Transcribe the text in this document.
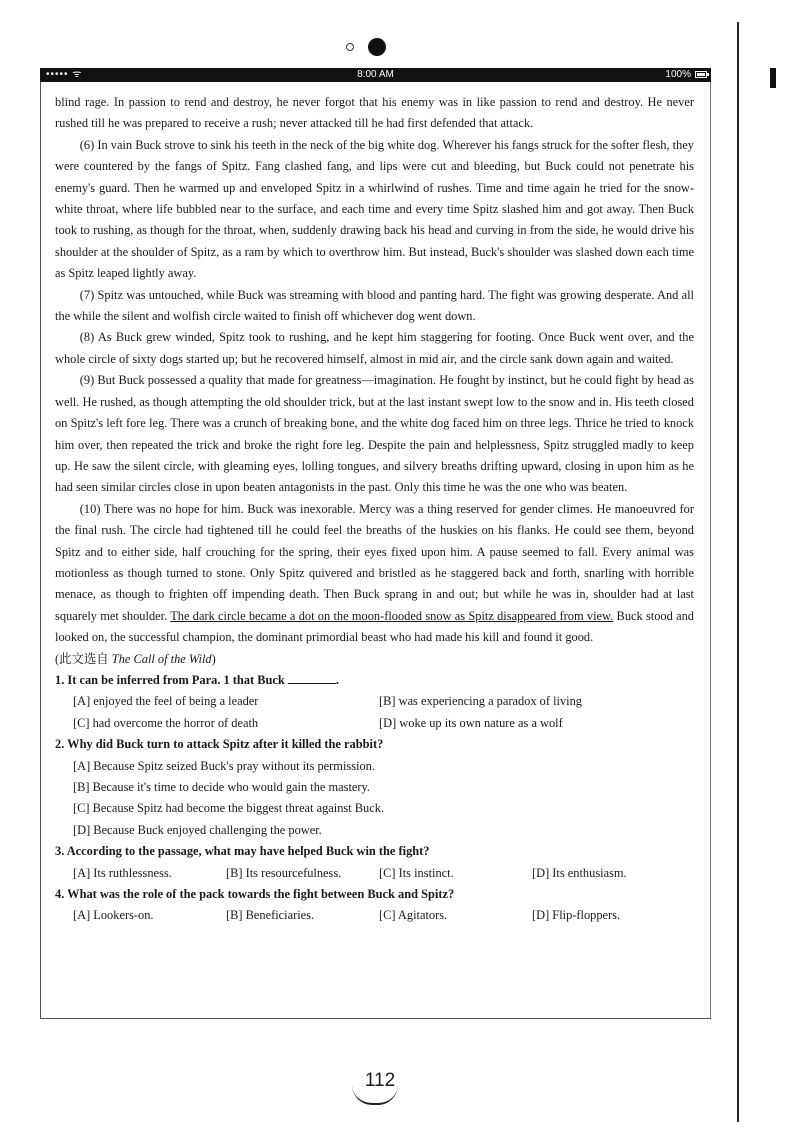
••••• ᯤ	8:00 AM	100%

blind rage. In passion to rend and destroy, he never forgot that his enemy was in like passion to rend and destroy. He never rushed till he was prepared to receive a rush; never attacked till he had first defended that attack.

(6) In vain Buck strove to sink his teeth in the neck of the big white dog. Wherever his fangs struck for the softer flesh, they were countered by the fangs of Spitz. Fang clashed fang, and lips were cut and bleeding, but Buck could not penetrate his enemy's guard. Then he warmed up and enveloped Spitz in a whirlwind of rushes. Time and time again he tried for the snow-white throat, where life bubbled near to the surface, and each time and every time Spitz slashed him and got away. Then Buck took to rushing, as though for the throat, when, suddenly drawing back his head and curving in from the side, he would drive his shoulder at the shoulder of Spitz, as a ram by which to overthrow him. But instead, Buck's shoulder was slashed down each time as Spitz leaped lightly away.

(7) Spitz was untouched, while Buck was streaming with blood and panting hard. The fight was growing desperate. And all the while the silent and wolfish circle waited to finish off whichever dog went down.

(8) As Buck grew winded, Spitz took to rushing, and he kept him staggering for footing. Once Buck went over, and the whole circle of sixty dogs started up; but he recovered himself, almost in mid air, and the circle sank down again and waited.

(9) But Buck possessed a quality that made for greatness—imagination. He fought by instinct, but he could fight by head as well. He rushed, as though attempting the old shoulder trick, but at the last instant swept low to the snow and in. His teeth closed on Spitz's left fore leg. There was a crunch of breaking bone, and the white dog faced him on three legs. Thrice he tried to knock him over, then repeated the trick and broke the right fore leg. Despite the pain and helplessness, Spitz struggled madly to keep up. He saw the silent circle, with gleaming eyes, lolling tongues, and silvery breaths drifting upward, closing in upon him as he had seen similar circles close in upon beaten antagonists in the past. Only this time he was the one who was beaten.

(10) There was no hope for him. Buck was inexorable. Mercy was a thing reserved for gender climes. He manoeuvred for the final rush. The circle had tightened till he could feel the breaths of the huskies on his flanks. He could see them, beyond Spitz and to either side, half crouching for the spring, their eyes fixed upon him. A pause seemed to fall. Every animal was motionless as though turned to stone. Only Spitz quivered and bristled as he staggered back and forth, snarling with horrible menace, as though to frighten off impending death. Then Buck sprang in and out; but while he was in, shoulder had at last squarely met shoulder. The dark circle became a dot on the moon-flooded snow as Spitz disappeared from view. Buck stood and looked on, the successful champion, the dominant primordial beast who had made his kill and found it good.

(此文选自 The Call of the Wild)

1. It can be inferred from Para. 1 that Buck	.

[A] enjoyed the feel of being a leader	[B] was experiencing a paradox of living
[C] had overcome the horror of death	[D] woke up its own nature as a wolf

2. Why did Buck turn to attack Spitz after it killed the rabbit?

[A] Because Spitz seized Buck's pray without its permission.
[B] Because it's time to decide who would gain the mastery.
[C] Because Spitz had become the biggest threat against Buck.
[D] Because Buck enjoyed challenging the power.

3. According to the passage, what may have helped Buck win the fight?

[A] Its ruthlessness.	[B] Its resourcefulness.	[C] Its instinct.	[D] Its enthusiasm.

4. What was the role of the pack towards the fight between Buck and Spitz?

[A] Lookers-on.	[B] Beneficiaries.	[C] Agitators.	[D] Flip-floppers.
112
